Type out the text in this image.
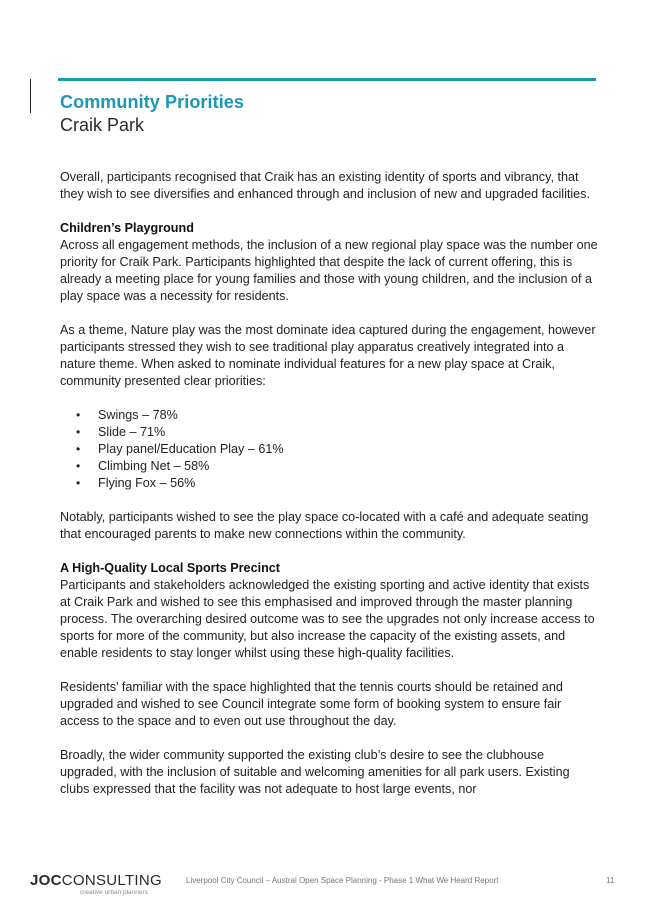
Community Priorities
Craik Park

Overall, participants recognised that Craik has an existing identity of sports and vibrancy, that they wish to see diversifies and enhanced through and inclusion of new and upgraded facilities.

Children’s Playground
Across all engagement methods, the inclusion of a new regional play space was the number one priority for Craik Park. Participants highlighted that despite the lack of current offering, this is already a meeting place for young families and those with young children, and the inclusion of a play space was a necessity for residents.

As a theme, Nature play was the most dominate idea captured during the engagement, however participants stressed they wish to see traditional play apparatus creatively integrated into a nature theme. When asked to nominate individual features for a new play space at Craik, community presented clear priorities:

• Swings – 78%
• Slide – 71%
• Play panel/Education Play – 61%
• Climbing Net – 58%
• Flying Fox – 56%

Notably, participants wished to see the play space co-located with a café and adequate seating that encouraged parents to make new connections within the community.

A High-Quality Local Sports Precinct
Participants and stakeholders acknowledged the existing sporting and active identity that exists at Craik Park and wished to see this emphasised and improved through the master planning process. The overarching desired outcome was to see the upgrades not only increase access to sports for more of the community, but also increase the capacity of the existing assets, and enable residents to stay longer whilst using these high-quality facilities.

Residents’ familiar with the space highlighted that the tennis courts should be retained and upgraded and wished to see Council integrate some form of booking system to ensure fair access to the space and to even out use throughout the day.

Broadly, the wider community supported the existing club’s desire to see the clubhouse upgraded, with the inclusion of suitable and welcoming amenities for all park users. Existing clubs expressed that the facility was not adequate to host large events, nor

JOCCONSULTING
creative urban planners
Liverpool City Council – Austral Open Space Planning - Phase 1 What We Heard Report	11
